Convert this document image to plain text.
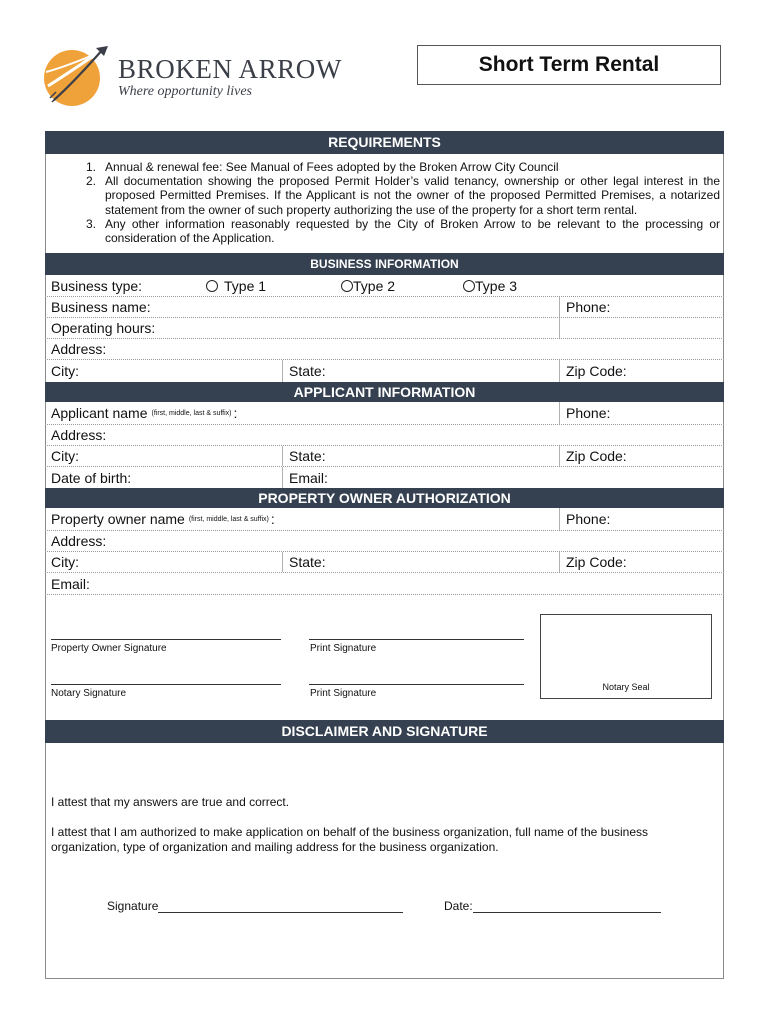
BROKEN ARROW
Where opportunity lives
Short Term Rental
REQUIREMENTS
1. Annual & renewal fee: See Manual of Fees adopted by the Broken Arrow City Council
2. All documentation showing the proposed Permit Holder’s valid tenancy, ownership or other legal interest in the proposed Permitted Premises. If the Applicant is not the owner of the proposed Permitted Premises, a notarized statement from the owner of such property authorizing the use of the property for a short term rental.
3. Any other information reasonably requested by the City of Broken Arrow to be relevant to the processing or consideration of the Application.
BUSINESS INFORMATION
Business type:	Type 1	Type 2	Type 3
Business name:	Phone:
Operating hours:
Address:
City:	State:	Zip Code:
APPLICANT INFORMATION
Applicant name (first, middle, last & suffix) :	Phone:
Address:
City:	State:	Zip Code:
Date of birth:	Email:
PROPERTY OWNER AUTHORIZATION
Property owner name (first, middle, last & suffix) :	Phone:
Address:
City:	State:	Zip Code:
Email:
Property Owner Signature	Print Signature
Notary Signature	Print Signature
Notary Seal
DISCLAIMER AND SIGNATURE
I attest that my answers are true and correct.
I attest that I am authorized to make application on behalf of the business organization, full name of the business organization, type of organization and mailing address for the business organization.
Signature	Date:
